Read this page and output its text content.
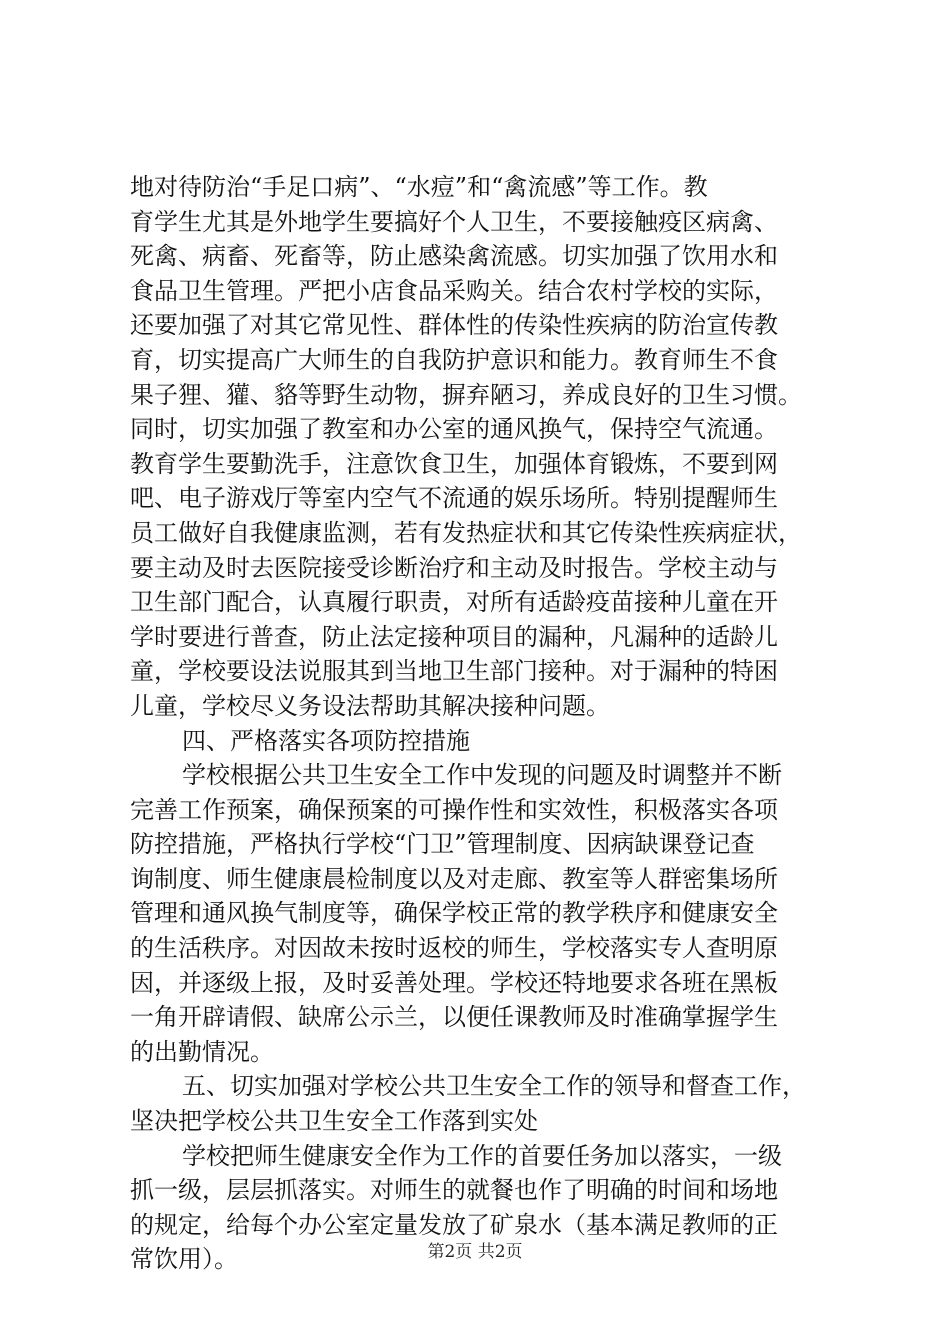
地对待防治“手足口病”、“水痘”和“禽流感”等工作。教
育学生尤其是外地学生要搞好个人卫生，不要接触疫区病禽、
死禽、病畜、死畜等，防止感染禽流感。切实加强了饮用水和
食品卫生管理。严把小店食品采购关。结合农村学校的实际，
还要加强了对其它常见性、群体性的传染性疾病的防治宣传教
育，切实提高广大师生的自我防护意识和能力。教育师生不食
果子狸、獾、貉等野生动物，摒弃陋习，养成良好的卫生习惯。
同时，切实加强了教室和办公室的通风换气，保持空气流通。
教育学生要勤洗手，注意饮食卫生，加强体育锻炼，不要到网
吧、电子游戏厅等室内空气不流通的娱乐场所。特别提醒师生
员工做好自我健康监测，若有发热症状和其它传染性疾病症状，
要主动及时去医院接受诊断治疗和主动及时报告。学校主动与
卫生部门配合，认真履行职责，对所有适龄疫苗接种儿童在开
学时要进行普查，防止法定接种项目的漏种，凡漏种的适龄儿
童，学校要设法说服其到当地卫生部门接种。对于漏种的特困
儿童，学校尽义务设法帮助其解决接种问题。
四、严格落实各项防控措施
学校根据公共卫生安全工作中发现的问题及时调整并不断
完善工作预案，确保预案的可操作性和实效性，积极落实各项
防控措施，严格执行学校“门卫”管理制度、因病缺课登记查
询制度、师生健康晨检制度以及对走廊、教室等人群密集场所
管理和通风换气制度等，确保学校正常的教学秩序和健康安全
的生活秩序。对因故未按时返校的师生，学校落实专人查明原
因，并逐级上报，及时妥善处理。学校还特地要求各班在黑板
一角开辟请假、缺席公示兰，以便任课教师及时准确掌握学生
的出勤情况。
五、切实加强对学校公共卫生安全工作的领导和督查工作，
坚决把学校公共卫生安全工作落到实处
学校把师生健康安全作为工作的首要任务加以落实，一级
抓一级，层层抓落实。对师生的就餐也作了明确的时间和场地
的规定，给每个办公室定量发放了矿泉水（基本满足教师的正
常饮用）。	第2页 共2页
